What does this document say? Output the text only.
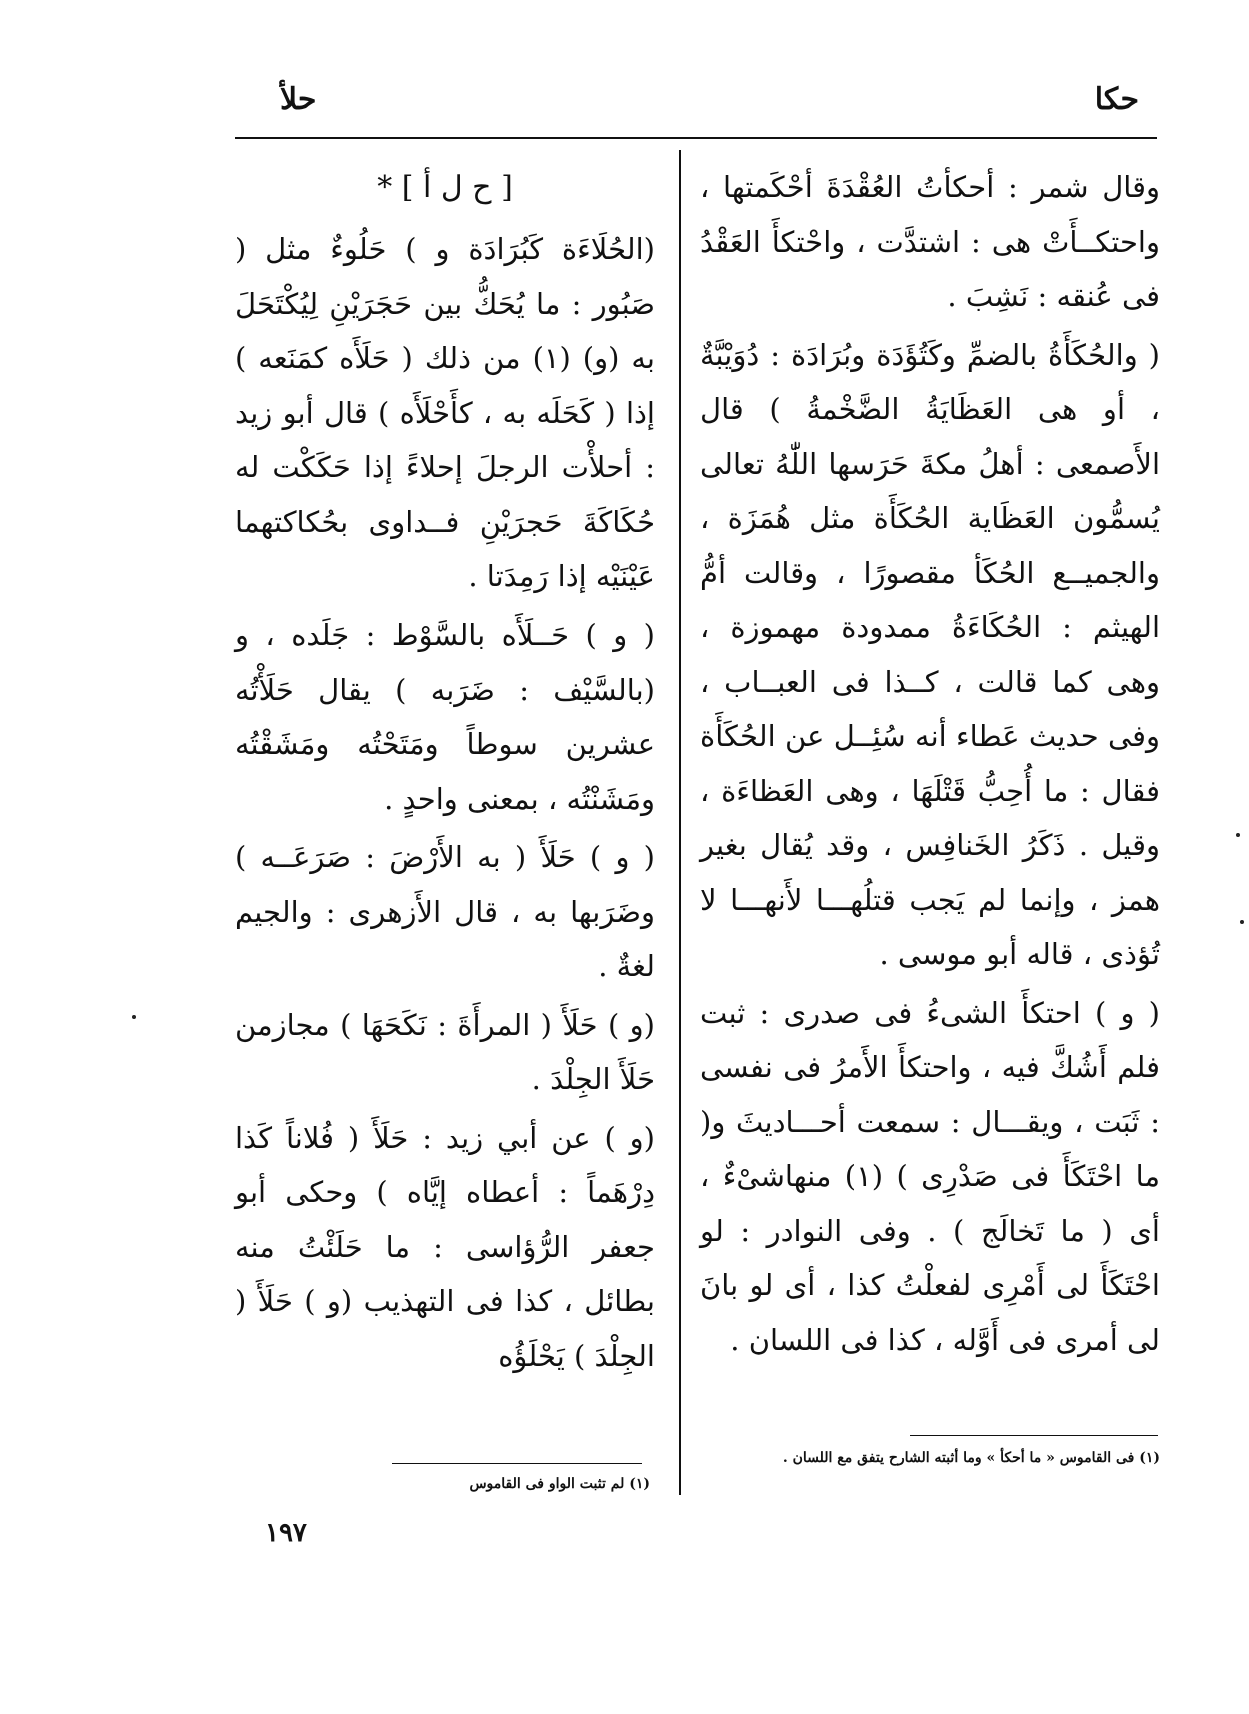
حلأ	حكا

وقال شمر : أحكأتُ العُقْدَةَ أحْكَمتها ، واحتكــأَتْ هى : اشتدَّت ، واحْتكأَ العَقْدُ فى عُنقه : نَشِبَ .

( والحُكَأَةُ بالضمِّ وكَتُؤَدَة وبُرَادَة : دُوَيْبَّةٌ ، أو هى العَظَايَةُ الضَّخْمةُ ) قال الأَصمعى : أهلُ مكةَ حَرَسها اللّٰهُ تعالى يُسمُّون العَظَاية الحُكَأَة مثل هُمَزَة ، والجميــع الحُكَأ مقصورًا ، وقالت أمُّ الهيثم : الحُكَاءَةُ ممدودة مهموزة ، وهى كما قالت ، كــذا فى العبــاب ، وفى حديث عَطاء أنه سُئِــل عن الحُكَأَة فقال : ما أُحِبُّ قَتْلَهَا ، وهى العَظاءَة ، وقيل . ذَكَرُ الخَنافِس ، وقد يُقال بغير همز ، وإنما لم يَجب قتلُهـــا لأَنهـــا لا تُؤذى ، قاله أبو موسى .

( و ) احتكأَ الشىءُ فى صدرى : ثبت فلم أَشُكَّ فيه ، واحتكأَ الأَمرُ فى نفسى : ثَبَت ، ويقـــال : سمعت أحـــاديثَ و( ما احْتَكَأَ فى صَدْرِى ) (١) منهاشىْءٌ ، أى ( ما تَخالَج ) . وفى النوادر : لو احْتَكَأَ لى أَمْرِى لفعلْتُ كذا ، أى لو بانَ لى أمرى فى أَوَّله ، كذا فى اللسان .

[ ح ل أ ] *

(الحُلَاءَة كَبُرَادَة و ) حَلُوءٌ مثل ( صَبُور : ما يُحَكُّ بين حَجَرَيْنِ لِيُكْتَحَلَ به (و) (١) من ذلك ( حَلَأَه كمَنَعه ) إذا ( كَحَلَه به ، كأَحْلَأَه ) قال أبو زيد : أحلأْت الرجلَ إحلاءً إذا حَكَكْت له حُكَاكَةَ حَجرَيْنِ فــداوى بحُكاكتهما عَيْنَيْه إذا رَمِدَتا .

( و ) حَــلَأَه بالسَّوْط : جَلَده ، و (بالسَّيْف : ضَرَبه ) يقال حَلَأْتُه عشرين سوطاً ومَتَحْتُه ومَشَقْتُه ومَشَنْتُه ، بمعنى واحدٍ .

( و ) حَلَأَ ( به الأَرْضَ : صَرَعَــه ) وضَرَبها به ، قال الأَزهرى : والجيم لغةٌ .

(و ) حَلَأَ ( المرأَةَ : نَكَحَهَا ) مجازمن حَلَأَ الجِلْدَ .

(و ) عن أبي زيد : حَلَأَ ( فُلاناً كَذا دِرْهَماً : أعطاه إيَّاه ) وحكى أبو جعفر الرُّؤاسى : ما حَلَئْتُ منه بطائل ، كذا فى التهذيب (و ) حَلَأَ ( الجِلْدَ ) يَحْلَؤُه

(١) فى القاموس « ما أحكأ » وما أثبته الشارح يتفق مع اللسان .
(١) لم تثبت الواو فى القاموس
١٩٧
